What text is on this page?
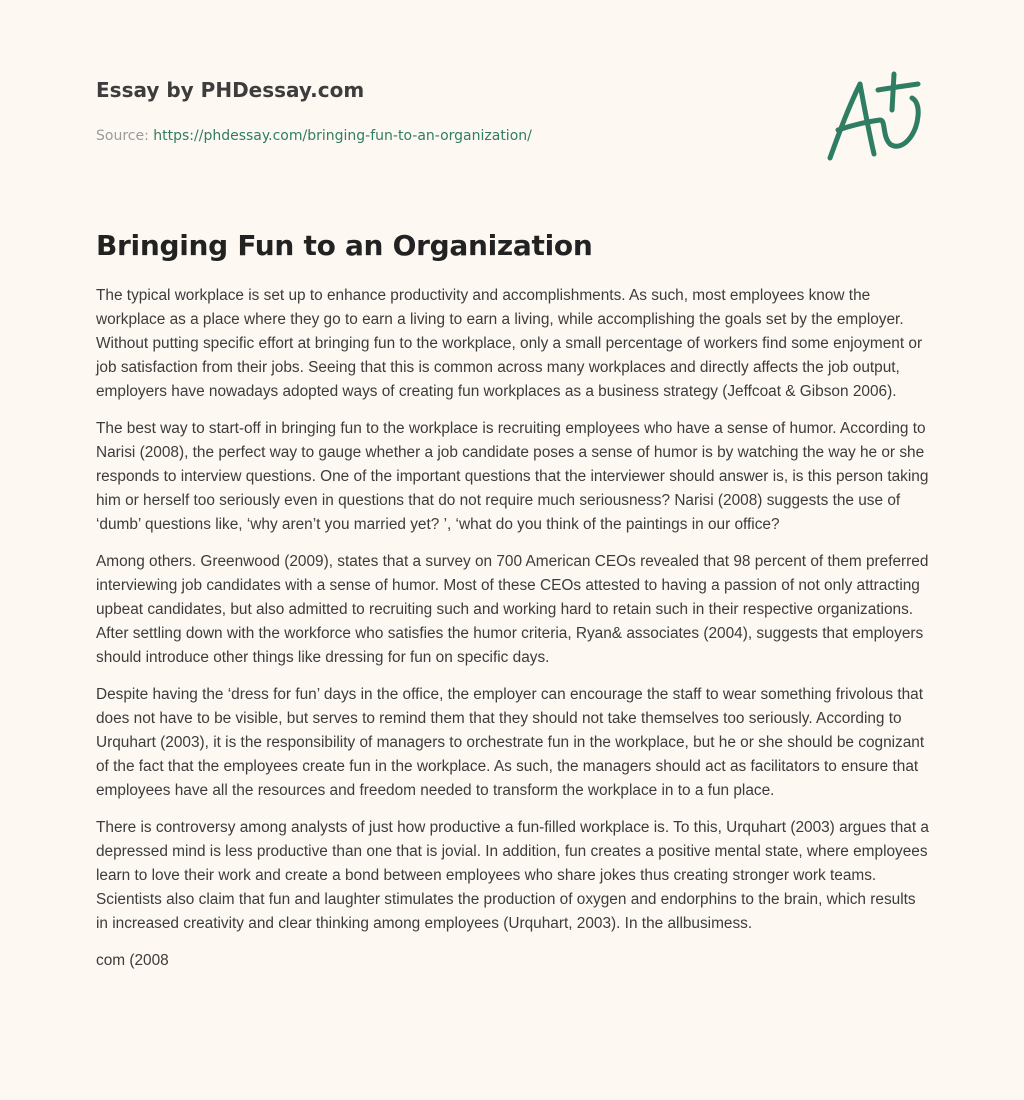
Essay by PHDessay.com
Source: https://phdessay.com/bringing-fun-to-an-organization/
Bringing Fun to an Organization

The typical workplace is set up to enhance productivity and accomplishments. As such, most employees know the workplace as a place where they go to earn a living to earn a living, while accomplishing the goals set by the employer. Without putting specific effort at bringing fun to the workplace, only a small percentage of workers find some enjoyment or job satisfaction from their jobs. Seeing that this is common across many workplaces and directly affects the job output, employers have nowadays adopted ways of creating fun workplaces as a business strategy (Jeffcoat & Gibson 2006).

The best way to start-off in bringing fun to the workplace is recruiting employees who have a sense of humor. According to Narisi (2008), the perfect way to gauge whether a job candidate poses a sense of humor is by watching the way he or she responds to interview questions. One of the important questions that the interviewer should answer is, is this person taking him or herself too seriously even in questions that do not require much seriousness? Narisi (2008) suggests the use of ‘dumb’ questions like, ‘why aren’t you married yet? ’, ‘what do you think of the paintings in our office?

Among others. Greenwood (2009), states that a survey on 700 American CEOs revealed that 98 percent of them preferred interviewing job candidates with a sense of humor. Most of these CEOs attested to having a passion of not only attracting upbeat candidates, but also admitted to recruiting such and working hard to retain such in their respective organizations. After settling down with the workforce who satisfies the humor criteria, Ryan& associates (2004), suggests that employers should introduce other things like dressing for fun on specific days.

Despite having the ‘dress for fun’ days in the office, the employer can encourage the staff to wear something frivolous that does not have to be visible, but serves to remind them that they should not take themselves too seriously. According to Urquhart (2003), it is the responsibility of managers to orchestrate fun in the workplace, but he or she should be cognizant of the fact that the employees create fun in the workplace. As such, the managers should act as facilitators to ensure that employees have all the resources and freedom needed to transform the workplace in to a fun place.

There is controversy among analysts of just how productive a fun-filled workplace is. To this, Urquhart (2003) argues that a depressed mind is less productive than one that is jovial. In addition, fun creates a positive mental state, where employees learn to love their work and create a bond between employees who share jokes thus creating stronger work teams. Scientists also claim that fun and laughter stimulates the production of oxygen and endorphins to the brain, which results in increased creativity and clear thinking among employees (Urquhart, 2003). In the allbusimess.

com (2008
